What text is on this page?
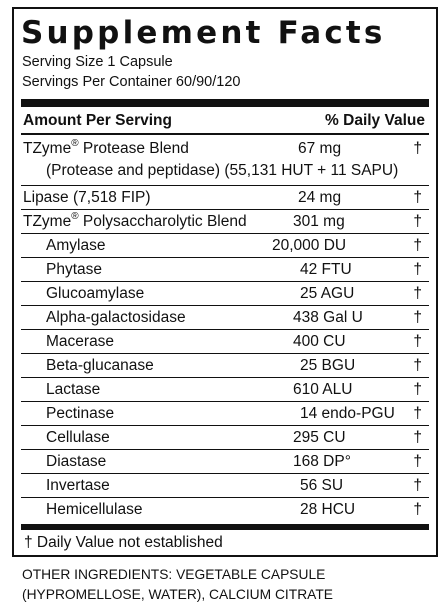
Supplement Facts
Serving Size 1 Capsule
Servings Per Container 60/90/120
Amount Per Serving	% Daily Value
TZyme® Protease Blend	67 mg	†
(Protease and peptidase) (55,131 HUT + 11 SAPU)
Lipase (7,518 FIP)	24 mg	†
TZyme® Polysaccharolytic Blend	301 mg	†
Amylase	20,000 DU	†
Phytase	42 FTU	†
Glucoamylase	25 AGU	†
Alpha-galactosidase	438 Gal U	†
Macerase	400 CU	†
Beta-glucanase	25 BGU	†
Lactase	610 ALU	†
Pectinase	14 endo-PGU †
Cellulase	295 CU	†
Diastase	168 DP°	†
Invertase	56 SU	†
Hemicellulase	28 HCU	†
† Daily Value not established
OTHER INGREDIENTS: VEGETABLE CAPSULE
(HYPROMELLOSE, WATER), CALCIUM CITRATE
